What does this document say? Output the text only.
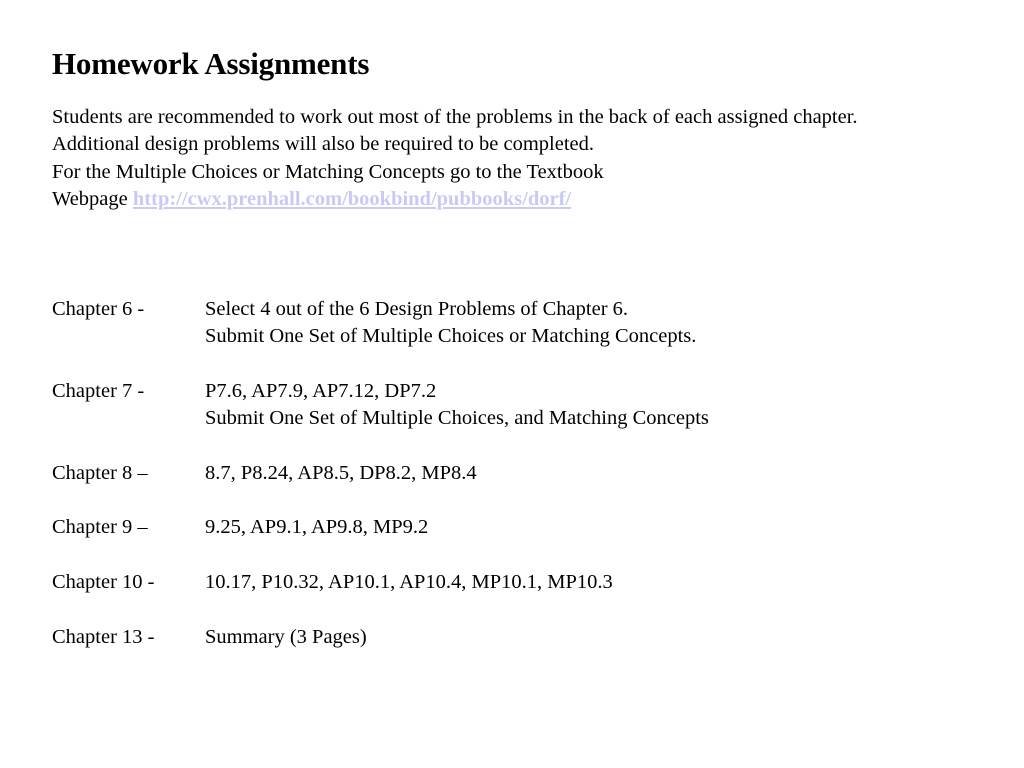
Homework Assignments
Students are recommended to work out most of the problems in the back of each assigned chapter.
Additional design problems will also be required to be completed.
For the Multiple Choices or Matching Concepts go to the Textbook
Webpage http://cwx.prenhall.com/bookbind/pubbooks/dorf/
Chapter 6 -	Select 4 out of the 6 Design Problems of Chapter 6.
Submit One Set of Multiple Choices or Matching Concepts.
Chapter 7 -	P7.6, AP7.9, AP7.12, DP7.2
Submit One Set of Multiple Choices, and Matching Concepts
Chapter 8 –	8.7, P8.24, AP8.5, DP8.2, MP8.4
Chapter 9 –	9.25, AP9.1, AP9.8, MP9.2
Chapter 10 -	10.17, P10.32, AP10.1, AP10.4, MP10.1, MP10.3
Chapter 13 -	Summary (3 Pages)
